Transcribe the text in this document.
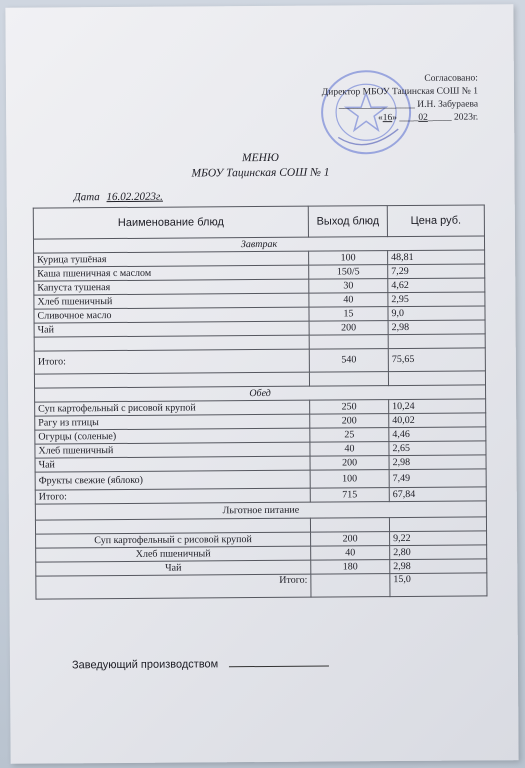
Согласовано:
Директор МБОУ Тацинская СОШ № 1
________________ И.Н. Забураева
«16» ____02_____ 2023г.
МЕНЮ
МБОУ Тацинская СОШ № 1
Дата 16.02.2023г.
Наименование блюд	Выход блюд	Цена руб.
Завтрак		
Курица тушёная	100	48,81
Каша пшеничная с маслом	150/5	7,29
Капуста тушеная	30	4,62
Хлеб пшеничный	40	2,95
Сливочное масло	15	9,0
Чай	200	2,98

Итого:	540	75,65

Обед		
Суп картофельный с рисовой крупой	250	10,24
Рагу из птицы	200	40,02
Огурцы (соленые)	25	4,46
Хлеб пшеничный	40	2,65
Чай	200	2,98
Фрукты свежие (яблоко)	100	7,49
Итого:	715	67,84
Льготное питание		

Суп картофельный с рисовой крупой	200	9,22
Хлеб пшеничный	40	2,80
Чай	180	2,98
Итого:		15,0
Заведующий производством
